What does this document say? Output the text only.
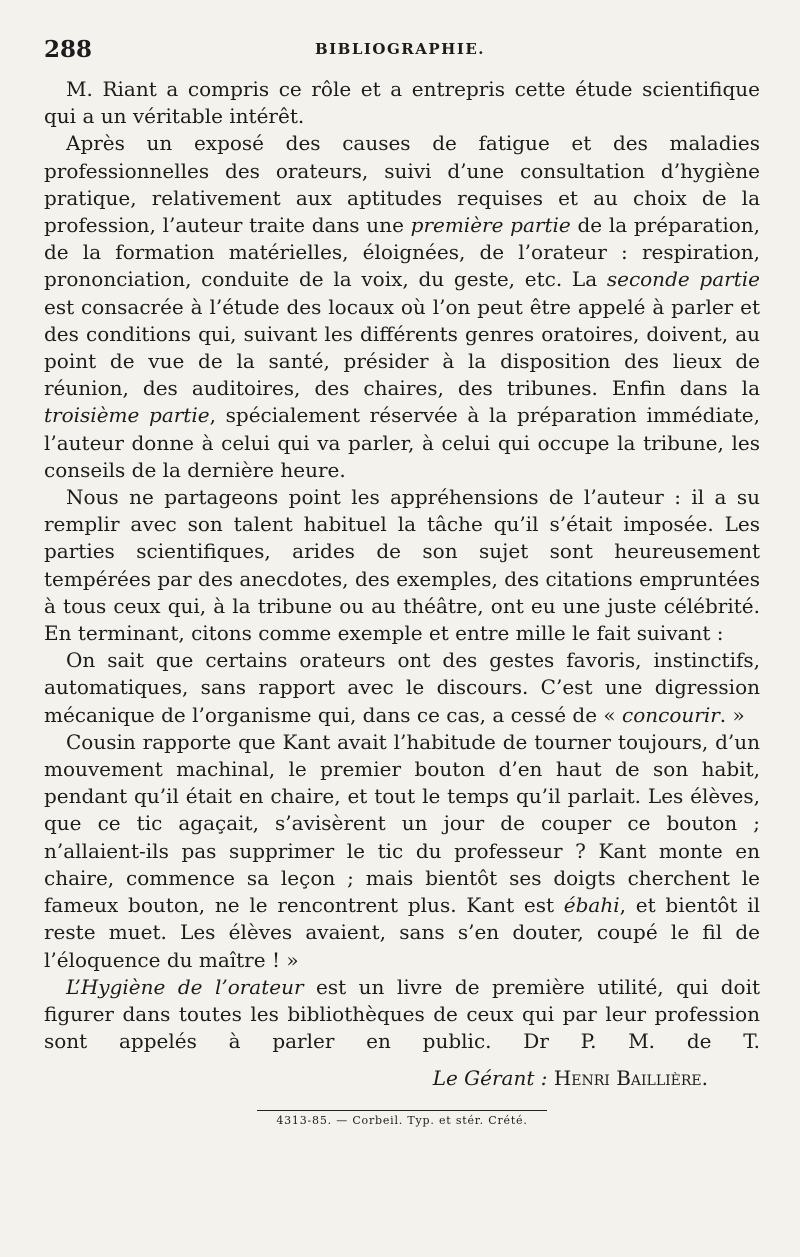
288	BIBLIOGRAPHIE.

M. Riant a compris ce rôle et a entrepris cette étude scientifique qui a un véritable intérêt.

Après un exposé des causes de fatigue et des maladies professionnelles des orateurs, suivi d’une consultation d’hygiène pratique, relativement aux aptitudes requises et au choix de la profession, l’auteur traite dans une première partie de la préparation, de la formation matérielles, éloignées, de l’orateur : respiration, prononciation, conduite de la voix, du geste, etc. La seconde partie est consacrée à l’étude des locaux où l’on peut être appelé à parler et des conditions qui, suivant les différents genres oratoires, doivent, au point de vue de la santé, présider à la disposition des lieux de réunion, des auditoires, des chaires, des tribunes. Enfin dans la troisième partie, spécialement réservée à la préparation immédiate, l’auteur donne à celui qui va parler, à celui qui occupe la tribune, les conseils de la dernière heure.

Nous ne partageons point les appréhensions de l’auteur : il a su remplir avec son talent habituel la tâche qu’il s’était imposée. Les parties scientifiques, arides de son sujet sont heureusement tempérées par des anecdotes, des exemples, des citations empruntées à tous ceux qui, à la tribune ou au théâtre, ont eu une juste célébrité. En terminant, citons comme exemple et entre mille le fait suivant :

On sait que certains orateurs ont des gestes favoris, instinctifs, automatiques, sans rapport avec le discours. C’est une digression mécanique de l’organisme qui, dans ce cas, a cessé de « concourir. »

Cousin rapporte que Kant avait l’habitude de tourner toujours, d’un mouvement machinal, le premier bouton d’en haut de son habit, pendant qu’il était en chaire, et tout le temps qu’il parlait. Les élèves, que ce tic agaçait, s’avisèrent un jour de couper ce bouton ; n’allaient-ils pas supprimer le tic du professeur ? Kant monte en chaire, commence sa leçon ; mais bientôt ses doigts cherchent le fameux bouton, ne le rencontrent plus. Kant est ébahi, et bientôt il reste muet. Les élèves avaient, sans s’en douter, coupé le fil de l’éloquence du maître ! »

L’Hygiène de l’orateur est un livre de première utilité, qui doit figurer dans toutes les bibliothèques de ceux qui par leur profession sont appelés à parler en public. Dr P. M. de T.

Le Gérant : Henri Baillière.
4313-85. — Corbeil. Typ. et stér. Crété.
